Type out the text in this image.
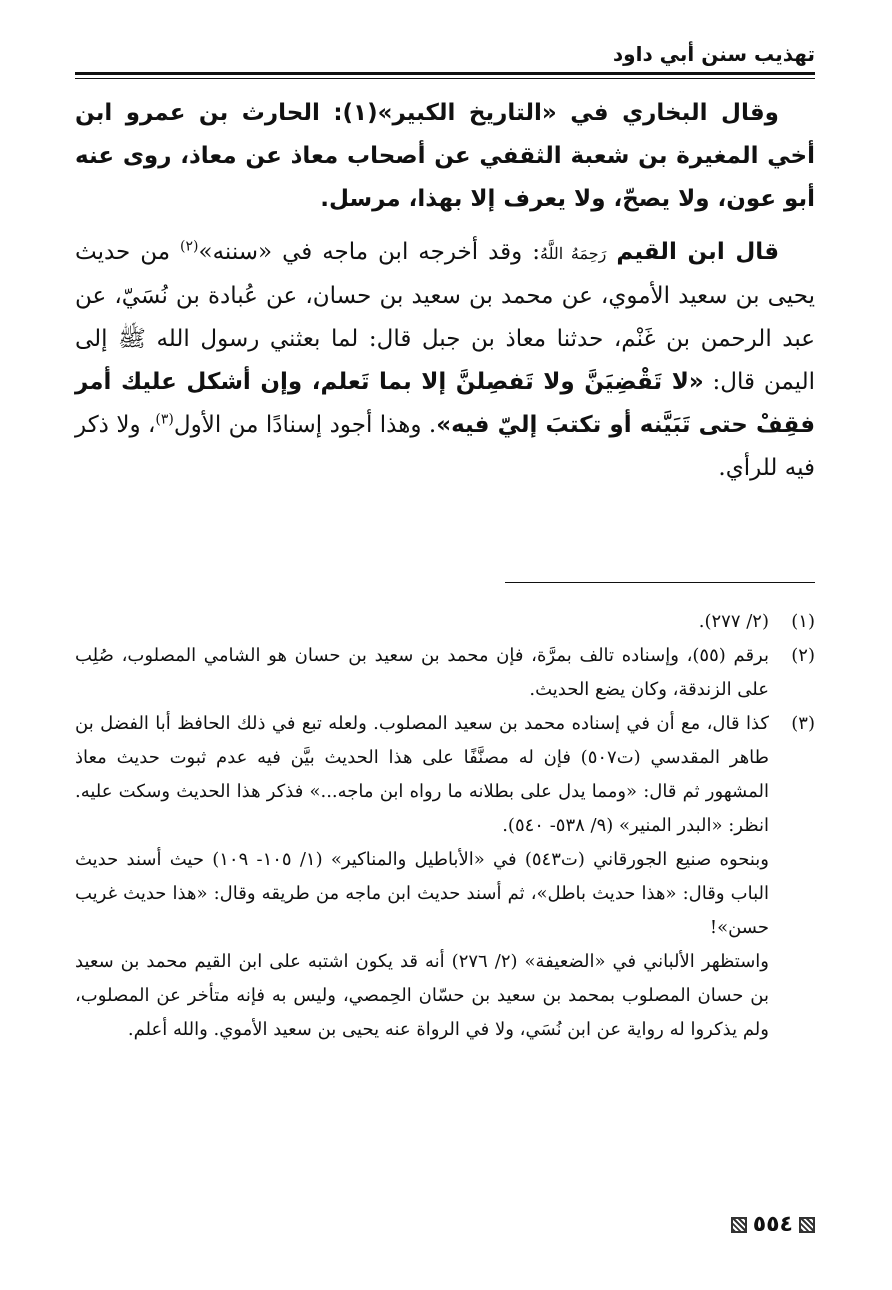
تهذيب سنن أبي داود

وقال البخاري في «التاريخ الكبير»(١): الحارث بن عمرو ابن أخي المغيرة بن شعبة الثقفي عن أصحاب معاذ عن معاذ، روى عنه أبو عون، ولا يصحّ، ولا يعرف إلا بهذا، مرسل.

قال ابن القيم رَحِمَهُ اللَّهُ: وقد أخرجه ابن ماجه في «سننه»$^{(٢)}$ من حديث يحيى بن سعيد الأموي، عن محمد بن سعيد بن حسان، عن عُبادة بن نُسَيّ، عن عبد الرحمن بن غَنْم، حدثنا معاذ بن جبل قال: لما بعثني رسول الله ﷺ إلى اليمن قال: «لا تَقْضِيَنَّ ولا تَفصِلنَّ إلا بما تَعلم، وإن أشكل عليك أمر فقِفْ حتى تَبَيَّنه أو تكتبَ إليّ فيه». وهذا أجود إسنادًا من الأول$^{(٣)}$، ولا ذكر فيه للرأي.

(١)

(٢/ ٢٧٧).

(٢)

برقم (٥٥)، وإسناده تالف بمرَّة، فإن محمد بن سعيد بن حسان هو الشامي المصلوب، صُلِب على الزندقة، وكان يضع الحديث.

(٣)

كذا قال، مع أن في إسناده محمد بن سعيد المصلوب. ولعله تبع في ذلك الحافظ أبا الفضل بن طاهر المقدسي (ت٥٠٧) فإن له مصنَّفًا على هذا الحديث بيَّن فيه عدم ثبوت حديث معاذ المشهور ثم قال: «ومما يدل على بطلانه ما رواه ابن ماجه...» فذكر هذا الحديث وسكت عليه. انظر: «البدر المنير» (٩/ ٥٣٨- ٥٤٠).

وبنحوه صنيع الجورقاني (ت٥٤٣) في «الأباطيل والمناكير» (١/ ١٠٥- ١٠٩) حيث أسند حديث الباب وقال: «هذا حديث باطل»، ثم أسند حديث ابن ماجه من طريقه وقال: «هذا حديث غريب حسن»!

واستظهر الألباني في «الضعيفة» (٢/ ٢٧٦) أنه قد يكون اشتبه على ابن القيم محمد بن سعيد بن حسان المصلوب بمحمد بن سعيد بن حسّان الحِمصي، وليس به فإنه متأخر عن المصلوب، ولم يذكروا له رواية عن ابن نُسَي، ولا في الرواة عنه يحيى بن سعيد الأموي. والله أعلم.

٥٥٤
